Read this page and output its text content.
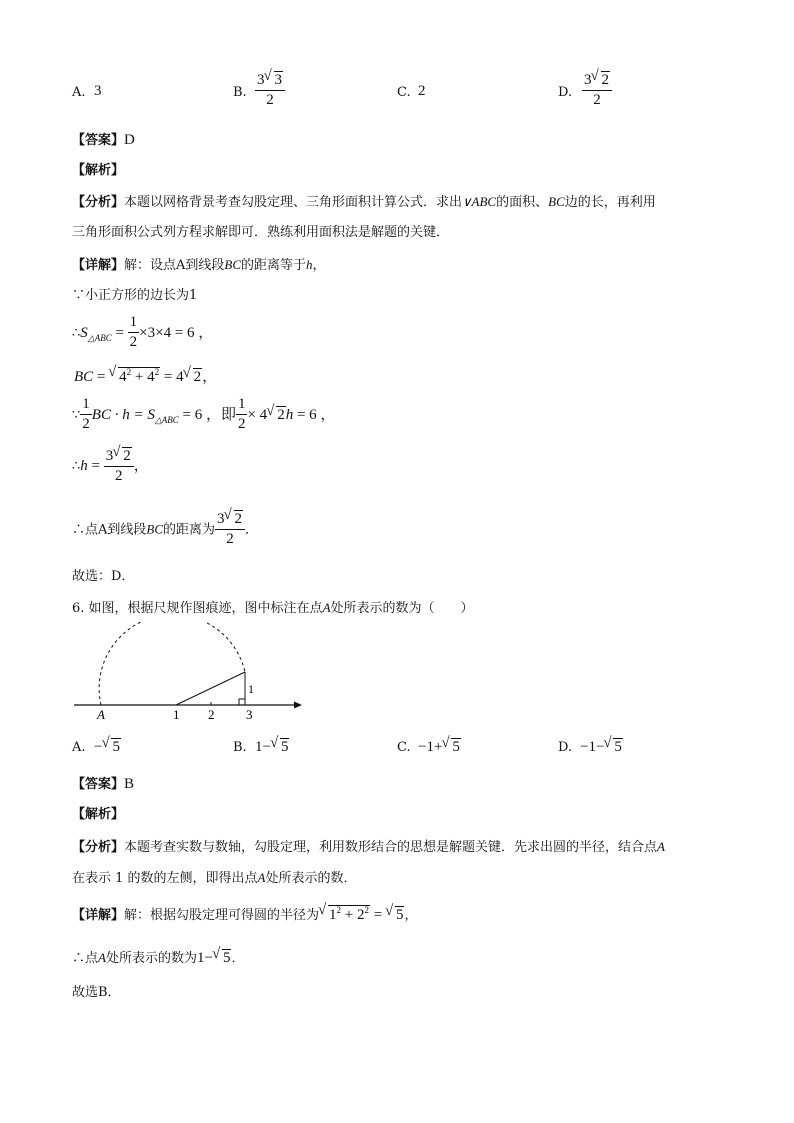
A. 3	B. $\frac{3√ 3}{2}$	C. 2	D. $\frac{3√ 2}{2}$
【答案】D
【解析】
【分析】本题以网格背景考查勾股定理、三角形面积计算公式．求出∨ABC的面积、BC边的长，再利用
三角形面积公式列方程求解即可．熟练利用面积法是解题的关键．
【详解】解：设点A到线段BC的距离等于h，
∵小正方形的边长为1
$\therefore S_{\triangle ABC} = \frac{1}{2} \times 3\times 4 = 6$ ，
BC = √ $4^2 + 4^2 = 4√$ 2，
∵ $\frac{1}{2}$ BC · $h = S_{\triangle ABC} = 6$ ，即 $\frac{1}{2} \times 4√$ 2h = 6 ，
∴h = $\frac{3√ 2}{2}$ ，
∴点A到线段BC的距离为 $\frac{3√ 2}{2}$ ．
故选：D．
6. 如图，根据尺规作图痕迹，图中标注在点A处所表示的数为（　　）
A	1 2 3
1
A. −√ 5	B. 1−√ 5	C. −1+√ 5	D. −1−√ 5
【答案】B
【解析】
【分析】本题考查实数与数轴，勾股定理，利用数形结合的思想是解题关键．先求出圆的半径，结合点A
在表示 1 的数的左侧，即得出点A处所表示的数．
【详解】解：根据勾股定理可得圆的半径为√ $1^2 + 2^2$ = √ 5，
∴点A处所表示的数为1−√ 5．
故选B．
